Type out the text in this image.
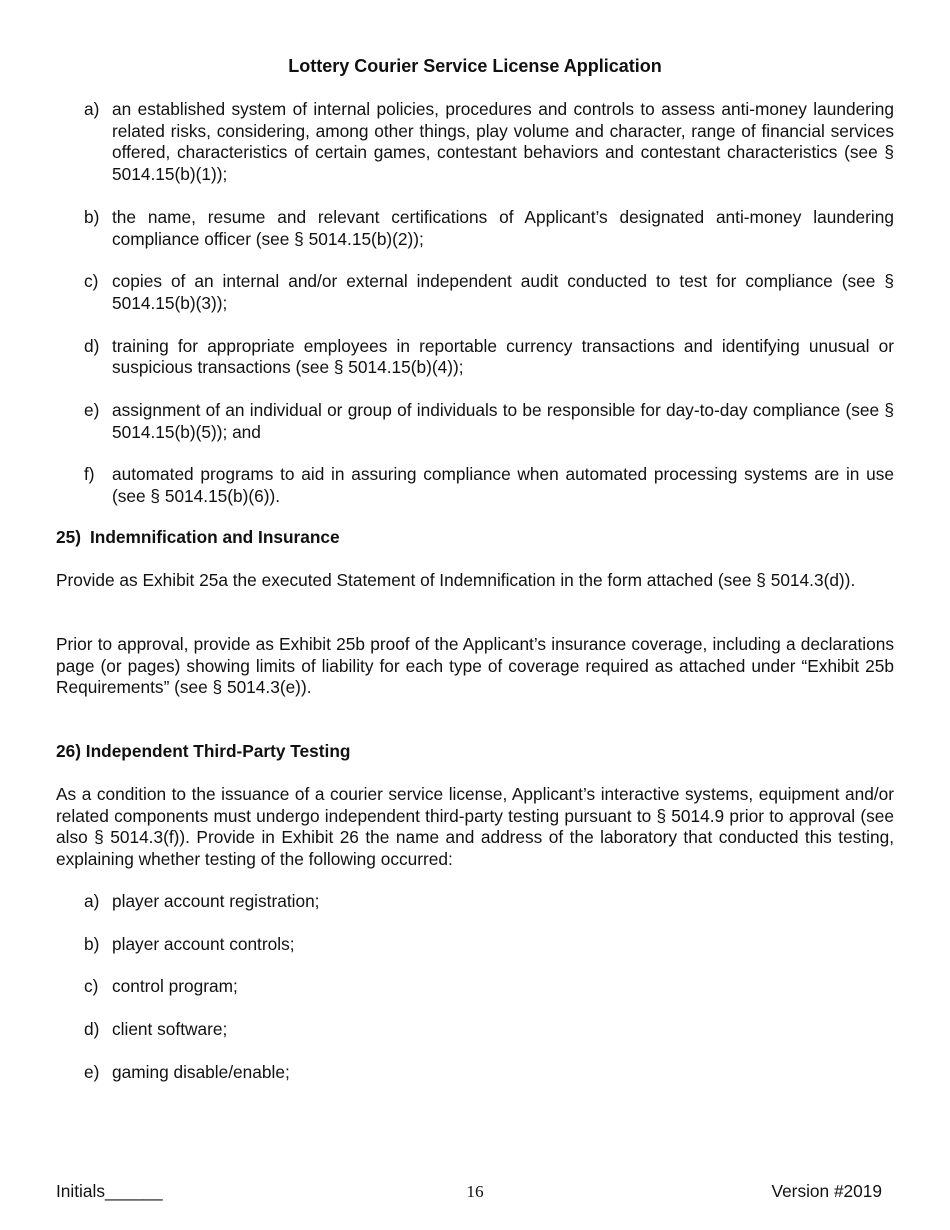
Lottery Courier Service License Application
a) an established system of internal policies, procedures and controls to assess anti-money laundering related risks, considering, among other things, play volume and character, range of financial services offered, characteristics of certain games, contestant behaviors and contestant characteristics (see § 5014.15(b)(1));
b) the name, resume and relevant certifications of Applicant’s designated anti-money laundering compliance officer (see § 5014.15(b)(2));
c) copies of an internal and/or external independent audit conducted to test for compliance (see § 5014.15(b)(3));
d) training for appropriate employees in reportable currency transactions and identifying unusual or suspicious transactions (see § 5014.15(b)(4));
e) assignment of an individual or group of individuals to be responsible for day-to-day compliance (see § 5014.15(b)(5)); and
f)	automated programs to aid in assuring compliance when automated processing systems are in use (see § 5014.15(b)(6)).
25) Indemnification and Insurance

Provide as Exhibit 25a the executed Statement of Indemnification in the form attached (see § 5014.3(d)).

Prior to approval, provide as Exhibit 25b proof of the Applicant’s insurance coverage, including a declarations page (or pages) showing limits of liability for each type of coverage required as attached under “Exhibit 25b Requirements” (see § 5014.3(e)).

26) Independent Third-Party Testing

As a condition to the issuance of a courier service license, Applicant’s interactive systems, equipment and/or related components must undergo independent third-party testing pursuant to § 5014.9 prior to approval (see also § 5014.3(f)). Provide in Exhibit 26 the name and address of the laboratory that conducted this testing, explaining whether testing of the following occurred:

a) player account registration;
b) player account controls;
c) control program;
d) client software;
e) gaming disable/enable;
Initials______	16	Version #2019
